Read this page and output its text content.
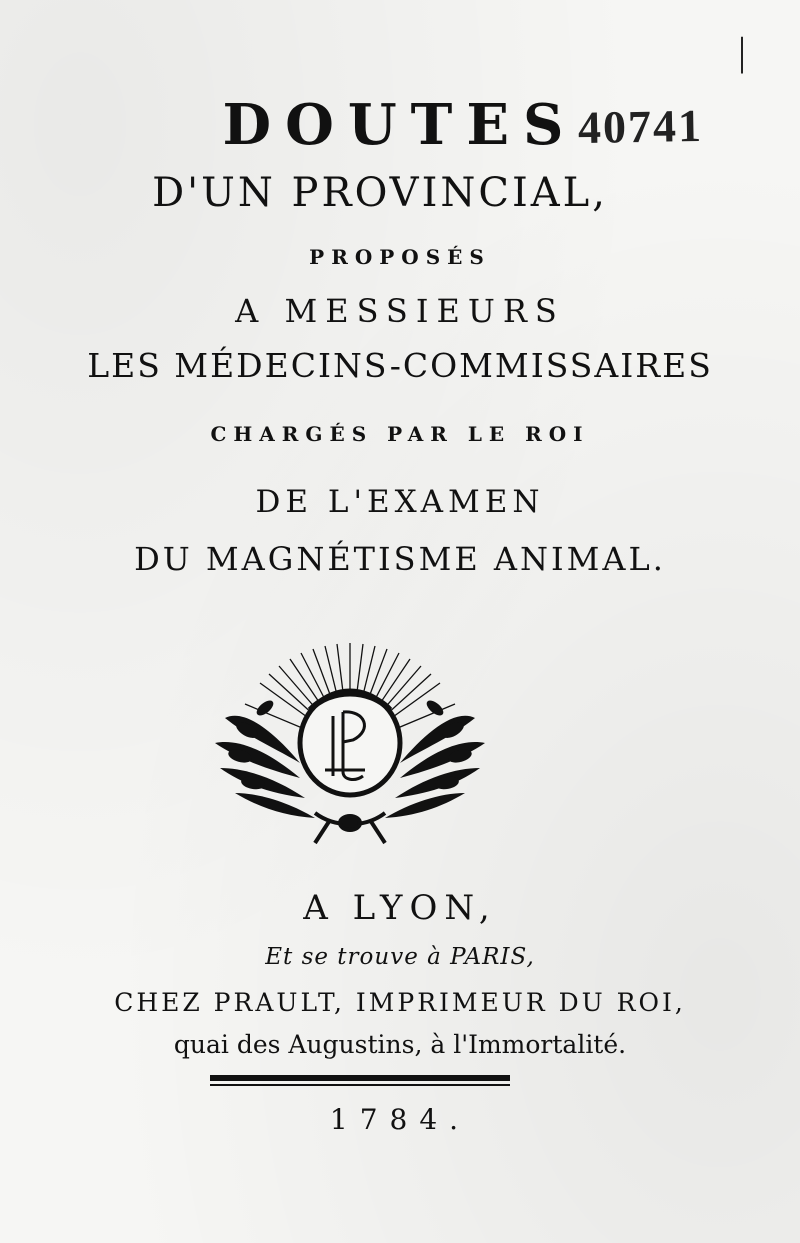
|
DOUTES 40741
D'UN PROVINCIAL,
PROPOSÉS
A MESSIEURS
LES MÉDECINS-COMMISSAIRES
CHARGÉS PAR LE ROI
DE L'EXAMEN
DU MAGNÉTISME ANIMAL.
A LYON,
Et se trouve à PARIS,
CHEZ PRAULT, IMPRIMEUR DU ROI,
quai des Augustins, à l'Immortalité.
1784.
